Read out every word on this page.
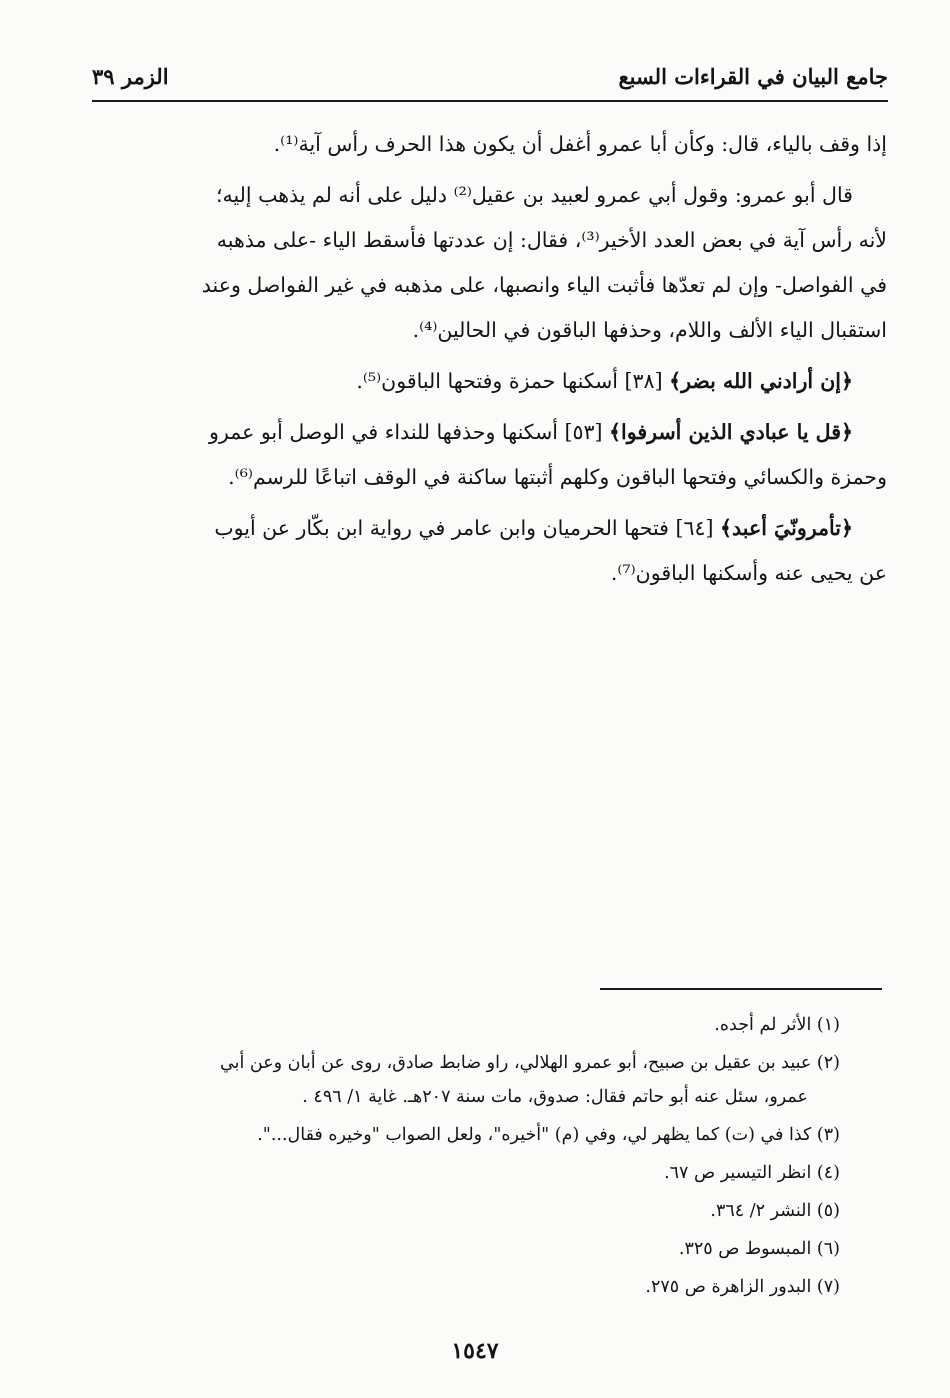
جامع البيان في القراءات السبع
الزمر ٣٩
إذا وقف بالياء، قال: وكأن أبا عمرو أغفل أن يكون هذا الحرف رأس آية⁽¹⁾.
قال أبو عمرو: وقول أبي عمرو لعبيد بن عقيل⁽²⁾ دليل على أنه لم يذهب إليه؛
لأنه رأس آية في بعض العدد الأخير⁽³⁾، فقال: إن عددتها فأسقط الياء -على مذهبه
في الفواصل- وإن لم تعدّها فأثبت الياء وانصبها، على مذهبه في غير الفواصل وعند
استقبال الياء الألف واللام، وحذفها الباقون في الحالين⁽⁴⁾.
﴿إن أرادني الله بضر﴾ [٣٨] أسكنها حمزة وفتحها الباقون⁽⁵⁾.
﴿قل يا عبادي الذين أسرفوا﴾ [٥٣] أسكنها وحذفها للنداء في الوصل أبو عمرو
وحمزة والكسائي وفتحها الباقون وكلهم أثبتها ساكنة في الوقف اتباعًا للرسم⁽⁶⁾.
﴿تأمرونّيَ أعبد﴾ [٦٤] فتحها الحرميان وابن عامر في رواية ابن بكّار عن أيوب
عن يحيى عنه وأسكنها الباقون⁽⁷⁾.
(١) الأثر لم أجده.
(٢) عبيد بن عقيل بن صبيح، أبو عمرو الهلالي، راو ضابط صادق، روى عن أبان وعن أبي
عمرو، سئل عنه أبو حاتم فقال: صدوق، مات سنة ٢٠٧هـ. غاية ١/ ٤٩٦ .
(٣) كذا في (ت) كما يظهر لي، وفي (م) "أخيره"، ولعل الصواب "وخيره فقال...".
(٤) انظر التيسير ص ٦٧.
(٥) النشر ٢/ ٣٦٤.
(٦) المبسوط ص ٣٢٥.
(٧) البدور الزاهرة ص ٢٧٥.
١٥٤٧
